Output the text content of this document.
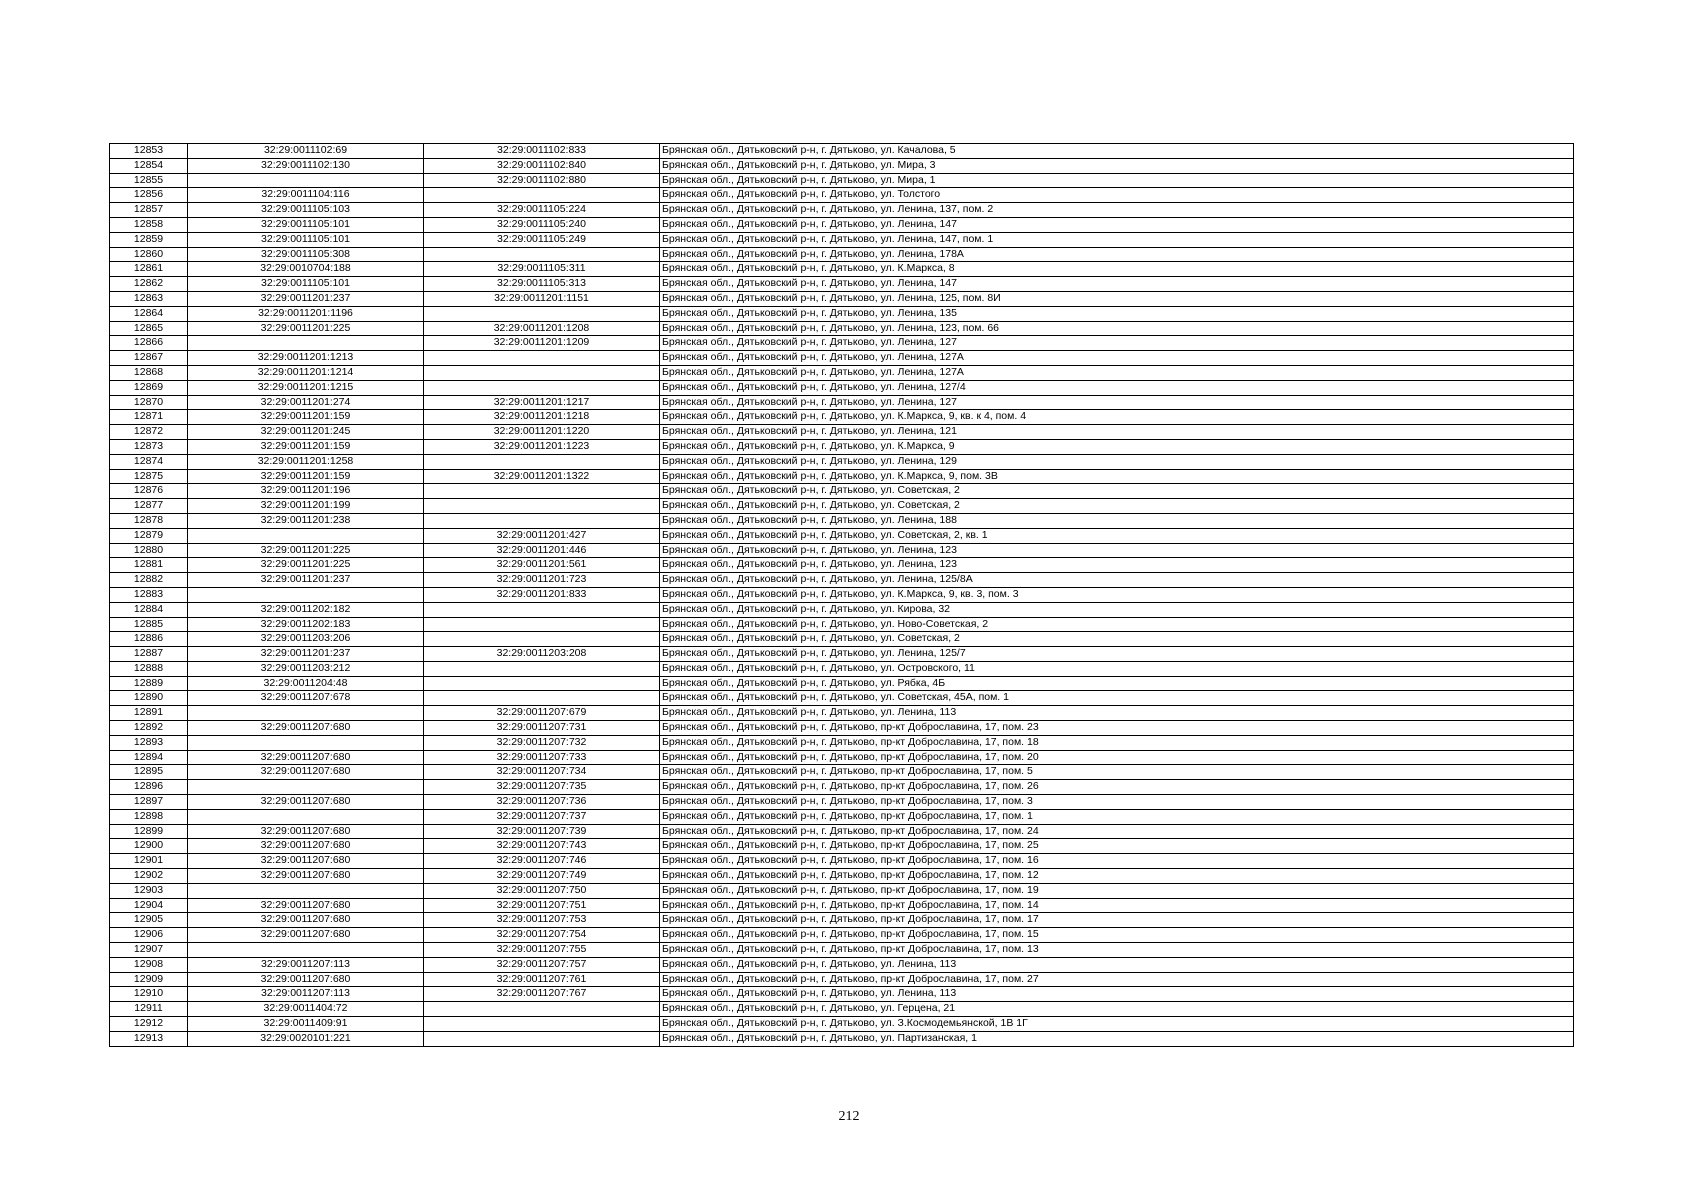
12853	32:29:0011102:69	32:29:0011102:833	Брянская обл., Дятьковский р-н, г. Дятьково, ул. Качалова, 5
12854	32:29:0011102:130	32:29:0011102:840	Брянская обл., Дятьковский р-н, г. Дятьково, ул. Мира, 3
12855		32:29:0011102:880	Брянская обл., Дятьковский р-н, г. Дятьково, ул. Мира, 1
12856	32:29:0011104:116		Брянская обл., Дятьковский р-н, г. Дятьково, ул. Толстого
12857	32:29:0011105:103	32:29:0011105:224	Брянская обл., Дятьковский р-н, г. Дятьково, ул. Ленина, 137, пом. 2
12858	32:29:0011105:101	32:29:0011105:240	Брянская обл., Дятьковский р-н, г. Дятьково, ул. Ленина, 147
12859	32:29:0011105:101	32:29:0011105:249	Брянская обл., Дятьковский р-н, г. Дятьково, ул. Ленина, 147, пом. 1
12860	32:29:0011105:308		Брянская обл., Дятьковский р-н, г. Дятьково, ул. Ленина, 178А
12861	32:29:0010704:188	32:29:0011105:311	Брянская обл., Дятьковский р-н, г. Дятьково, ул. К.Маркса, 8
12862	32:29:0011105:101	32:29:0011105:313	Брянская обл., Дятьковский р-н, г. Дятьково, ул. Ленина, 147
12863	32:29:0011201:237	32:29:0011201:1151	Брянская обл., Дятьковский р-н, г. Дятьково, ул. Ленина, 125, пом. 8И
12864	32:29:0011201:1196		Брянская обл., Дятьковский р-н, г. Дятьково, ул. Ленина, 135
12865	32:29:0011201:225	32:29:0011201:1208	Брянская обл., Дятьковский р-н, г. Дятьково, ул. Ленина, 123, пом. 66
12866		32:29:0011201:1209	Брянская обл., Дятьковский р-н, г. Дятьково, ул. Ленина, 127
12867	32:29:0011201:1213		Брянская обл., Дятьковский р-н, г. Дятьково, ул. Ленина, 127А
12868	32:29:0011201:1214		Брянская обл., Дятьковский р-н, г. Дятьково, ул. Ленина, 127А
12869	32:29:0011201:1215		Брянская обл., Дятьковский р-н, г. Дятьково, ул. Ленина, 127/4
12870	32:29:0011201:274	32:29:0011201:1217	Брянская обл., Дятьковский р-н, г. Дятьково, ул. Ленина, 127
12871	32:29:0011201:159	32:29:0011201:1218	Брянская обл., Дятьковский р-н, г. Дятьково, ул. К.Маркса, 9, кв. к 4, пом. 4
12872	32:29:0011201:245	32:29:0011201:1220	Брянская обл., Дятьковский р-н, г. Дятьково, ул. Ленина, 121
12873	32:29:0011201:159	32:29:0011201:1223	Брянская обл., Дятьковский р-н, г. Дятьково, ул. К.Маркса, 9
12874	32:29:0011201:1258		Брянская обл., Дятьковский р-н, г. Дятьково, ул. Ленина, 129
12875	32:29:0011201:159	32:29:0011201:1322	Брянская обл., Дятьковский р-н, г. Дятьково, ул. К.Маркса, 9, пом. 3В
12876	32:29:0011201:196		Брянская обл., Дятьковский р-н, г. Дятьково, ул. Советская, 2
12877	32:29:0011201:199		Брянская обл., Дятьковский р-н, г. Дятьково, ул. Советская, 2
12878	32:29:0011201:238		Брянская обл., Дятьковский р-н, г. Дятьково, ул. Ленина, 188
12879		32:29:0011201:427	Брянская обл., Дятьковский р-н, г. Дятьково, ул. Советская, 2, кв. 1
12880	32:29:0011201:225	32:29:0011201:446	Брянская обл., Дятьковский р-н, г. Дятьково, ул. Ленина, 123
12881	32:29:0011201:225	32:29:0011201:561	Брянская обл., Дятьковский р-н, г. Дятьково, ул. Ленина, 123
12882	32:29:0011201:237	32:29:0011201:723	Брянская обл., Дятьковский р-н, г. Дятьково, ул. Ленина, 125/8А
12883		32:29:0011201:833	Брянская обл., Дятьковский р-н, г. Дятьково, ул. К.Маркса, 9, кв. 3, пом. 3
12884	32:29:0011202:182		Брянская обл., Дятьковский р-н, г. Дятьково, ул. Кирова, 32
12885	32:29:0011202:183		Брянская обл., Дятьковский р-н, г. Дятьково, ул. Ново-Советская, 2
12886	32:29:0011203:206		Брянская обл., Дятьковский р-н, г. Дятьково, ул. Советская, 2
12887	32:29:0011201:237	32:29:0011203:208	Брянская обл., Дятьковский р-н, г. Дятьково, ул. Ленина, 125/7
12888	32:29:0011203:212		Брянская обл., Дятьковский р-н, г. Дятьково, ул. Островского, 11
12889	32:29:0011204:48		Брянская обл., Дятьковский р-н, г. Дятьково, ул. Рябка, 4Б
12890	32:29:0011207:678		Брянская обл., Дятьковский р-н, г. Дятьково, ул. Советская, 45А, пом. 1
12891		32:29:0011207:679	Брянская обл., Дятьковский р-н, г. Дятьково, ул. Ленина, 113
12892	32:29:0011207:680	32:29:0011207:731	Брянская обл., Дятьковский р-н, г. Дятьково, пр-кт Доброславина, 17, пом. 23
12893		32:29:0011207:732	Брянская обл., Дятьковский р-н, г. Дятьково, пр-кт Доброславина, 17, пом. 18
12894	32:29:0011207:680	32:29:0011207:733	Брянская обл., Дятьковский р-н, г. Дятьково, пр-кт Доброславина, 17, пом. 20
12895	32:29:0011207:680	32:29:0011207:734	Брянская обл., Дятьковский р-н, г. Дятьково, пр-кт Доброславина, 17, пом. 5
12896		32:29:0011207:735	Брянская обл., Дятьковский р-н, г. Дятьково, пр-кт Доброславина, 17, пом. 26
12897	32:29:0011207:680	32:29:0011207:736	Брянская обл., Дятьковский р-н, г. Дятьково, пр-кт Доброславина, 17, пом. 3
12898		32:29:0011207:737	Брянская обл., Дятьковский р-н, г. Дятьково, пр-кт Доброславина, 17, пом. 1
12899	32:29:0011207:680	32:29:0011207:739	Брянская обл., Дятьковский р-н, г. Дятьково, пр-кт Доброславина, 17, пом. 24
12900	32:29:0011207:680	32:29:0011207:743	Брянская обл., Дятьковский р-н, г. Дятьково, пр-кт Доброславина, 17, пом. 25
12901	32:29:0011207:680	32:29:0011207:746	Брянская обл., Дятьковский р-н, г. Дятьково, пр-кт Доброславина, 17, пом. 16
12902	32:29:0011207:680	32:29:0011207:749	Брянская обл., Дятьковский р-н, г. Дятьково, пр-кт Доброславина, 17, пом. 12
12903		32:29:0011207:750	Брянская обл., Дятьковский р-н, г. Дятьково, пр-кт Доброславина, 17, пом. 19
12904	32:29:0011207:680	32:29:0011207:751	Брянская обл., Дятьковский р-н, г. Дятьково, пр-кт Доброславина, 17, пом. 14
12905	32:29:0011207:680	32:29:0011207:753	Брянская обл., Дятьковский р-н, г. Дятьково, пр-кт Доброславина, 17, пом. 17
12906	32:29:0011207:680	32:29:0011207:754	Брянская обл., Дятьковский р-н, г. Дятьково, пр-кт Доброславина, 17, пом. 15
12907		32:29:0011207:755	Брянская обл., Дятьковский р-н, г. Дятьково, пр-кт Доброславина, 17, пом. 13
12908	32:29:0011207:113	32:29:0011207:757	Брянская обл., Дятьковский р-н, г. Дятьково, ул. Ленина, 113
12909	32:29:0011207:680	32:29:0011207:761	Брянская обл., Дятьковский р-н, г. Дятьково, пр-кт Доброславина, 17, пом. 27
12910	32:29:0011207:113	32:29:0011207:767	Брянская обл., Дятьковский р-н, г. Дятьково, ул. Ленина, 113
12911	32:29:0011404:72		Брянская обл., Дятьковский р-н, г. Дятьково, ул. Герцена, 21
12912	32:29:0011409:91		Брянская обл., Дятьковский р-н, г. Дятьково, ул. З.Космодемьянской, 1В 1Г
12913	32:29:0020101:221		Брянская обл., Дятьковский р-н, г. Дятьково, ул. Партизанская, 1
212
